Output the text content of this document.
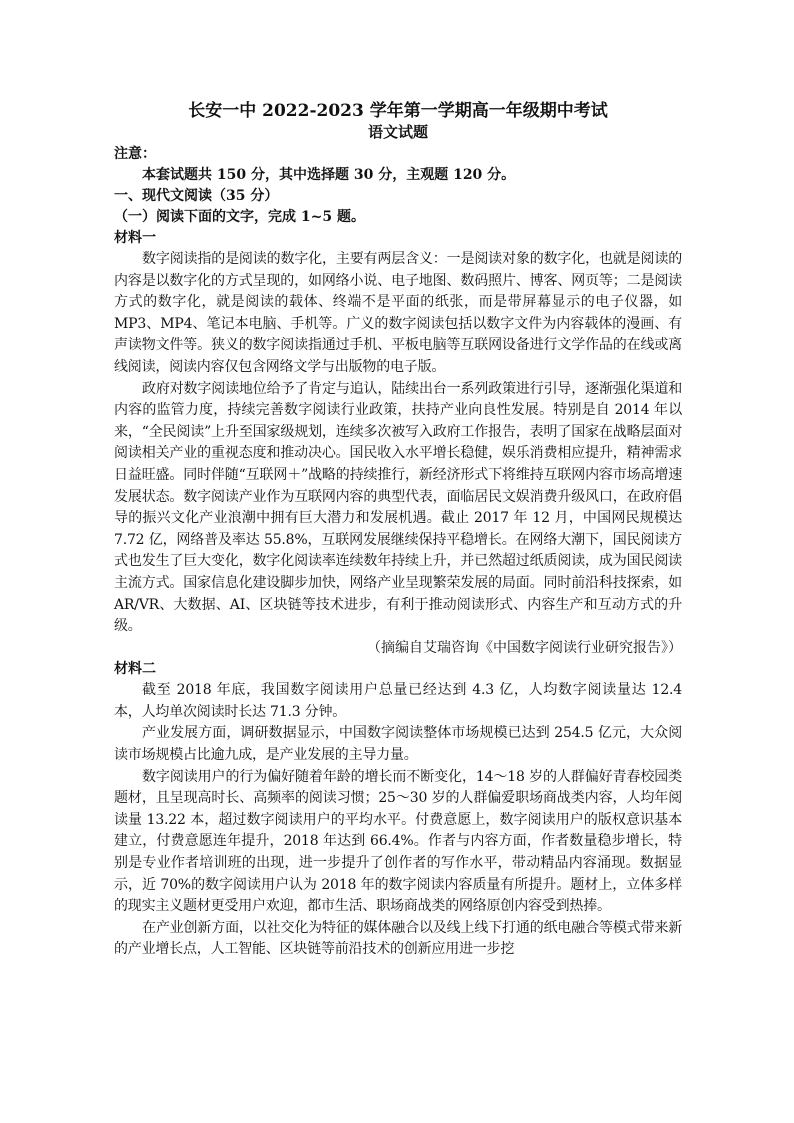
长安一中 2022-2023 学年第一学期高一年级期中考试
语文试题
注意：
本套试题共 150 分，其中选择题 30 分，主观题 120 分。
一、现代文阅读（35 分）
（一）阅读下面的文字，完成 1~5 题。
材料一

数字阅读指的是阅读的数字化，主要有两层含义：一是阅读对象的数字化，也就是阅读的内容是以数字化的方式呈现的，如网络小说、电子地图、数码照片、博客、网页等；二是阅读方式的数字化，就是阅读的载体、终端不是平面的纸张，而是带屏幕显示的电子仪器，如 MP3、MP4、笔记本电脑、手机等。广义的数字阅读包括以数字文件为内容载体的漫画、有声读物文件等。狭义的数字阅读指通过手机、平板电脑等互联网设备进行文学作品的在线或离线阅读，阅读内容仅包含网络文学与出版物的电子版。

政府对数字阅读地位给予了肯定与追认，陆续出台一系列政策进行引导，逐渐强化渠道和内容的监管力度，持续完善数字阅读行业政策，扶持产业向良性发展。特别是自 2014 年以来，“全民阅读”上升至国家级规划，连续多次被写入政府工作报告，表明了国家在战略层面对阅读相关产业的重视态度和推动决心。国民收入水平增长稳健，娱乐消费相应提升，精神需求日益旺盛。同时伴随“互联网＋”战略的持续推行，新经济形式下将维持互联网内容市场高增速发展状态。数字阅读产业作为互联网内容的典型代表，面临居民文娱消费升级风口，在政府倡导的振兴文化产业浪潮中拥有巨大潜力和发展机遇。截止 2017 年 12 月，中国网民规模达 7.72 亿，网络普及率达 55.8%，互联网发展继续保持平稳增长。在网络大潮下，国民阅读方式也发生了巨大变化，数字化阅读率连续数年持续上升，并已然超过纸质阅读，成为国民阅读主流方式。国家信息化建设脚步加快，网络产业呈现繁荣发展的局面。同时前沿科技探索，如 AR/VR、大数据、AI、区块链等技术进步，有利于推动阅读形式、内容生产和互动方式的升级。

（摘编自艾瑞咨询《中国数字阅读行业研究报告》）

材料二

截至 2018 年底，我国数字阅读用户总量已经达到 4.3 亿，人均数字阅读量达 12.4 本，人均单次阅读时长达 71.3 分钟。

产业发展方面，调研数据显示，中国数字阅读整体市场规模已达到 254.5 亿元，大众阅读市场规模占比逾九成，是产业发展的主导力量。

数字阅读用户的行为偏好随着年龄的增长而不断变化，14～18 岁的人群偏好青春校园类题材，且呈现高时长、高频率的阅读习惯；25～30 岁的人群偏爱职场商战类内容，人均年阅读量 13.22 本，超过数字阅读用户的平均水平。付费意愿上，数字阅读用户的版权意识基本建立，付费意愿连年提升，2018 年达到 66.4%。作者与内容方面，作者数量稳步增长，特别是专业作者培训班的出现，进一步提升了创作者的写作水平，带动精品内容涌现。数据显示，近 70%的数字阅读用户认为 2018 年的数字阅读内容质量有所提升。题材上，立体多样的现实主义题材更受用户欢迎，都市生活、职场商战类的网络原创内容受到热捧。

在产业创新方面，以社交化为特征的媒体融合以及线上线下打通的纸电融合等模式带来新的产业增长点，人工智能、区块链等前沿技术的创新应用进一步挖
